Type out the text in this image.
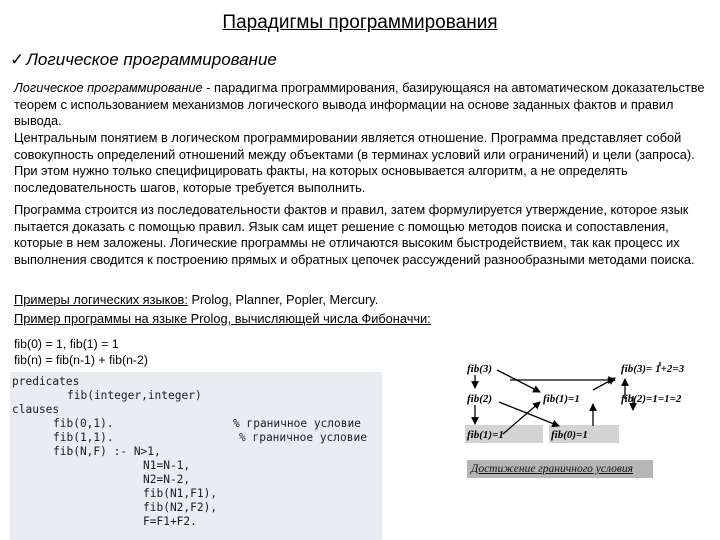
Парадигмы программирования
✓ Логическое программирование
Логическое программирование - парадигма программирования, базирующаяся на автоматическом доказательстве теорем с использованием механизмов логического вывода информации на основе заданных фактов и правил вывода.
Центральным понятием в логическом программировании является отношение. Программа представляет собой совокупность определений отношений между объектами (в терминах условий или ограничений) и цели (запроса). При этом нужно только специфицировать факты, на которых основывается алгоритм, а не определять последовательность шагов, которые требуется выполнить.
Программа строится из последовательности фактов и правил, затем формулируется утверждение, которое язык пытается доказать с помощью правил. Язык сам ищет решение с помощью методов поиска и сопоставления, которые в нем заложены. Логические программы не отличаются высоким быстродействием, так как процесс их выполнения сводится к построению прямых и обратных цепочек рассуждений разнообразными методами поиска.
Примеры логических языков: Prolog, Planner, Popler, Mercury.
Пример программы на языке Prolog, вычисляющей числа Фибоначчи:
fib(0) = 1, fib(1) = 1
fib(n) = fib(n-1) + fib(n-2)
predicates
fib(integer,integer)
clauses
fib(0,1).	% граничное условие
fib(1,1).	% граничное условие
fib(N,F) :- N>1,
N1=N-1,
N2=N-2,
fib(N1,F1),
fib(N2,F2),
F=F1+F2.
fib(3)	fib(3)= 1+2=3
fib(2)	fib(1)=1	fib(2)=1=1=2
fib(1)=1	fib(0)=1
Достижение граничного условия
